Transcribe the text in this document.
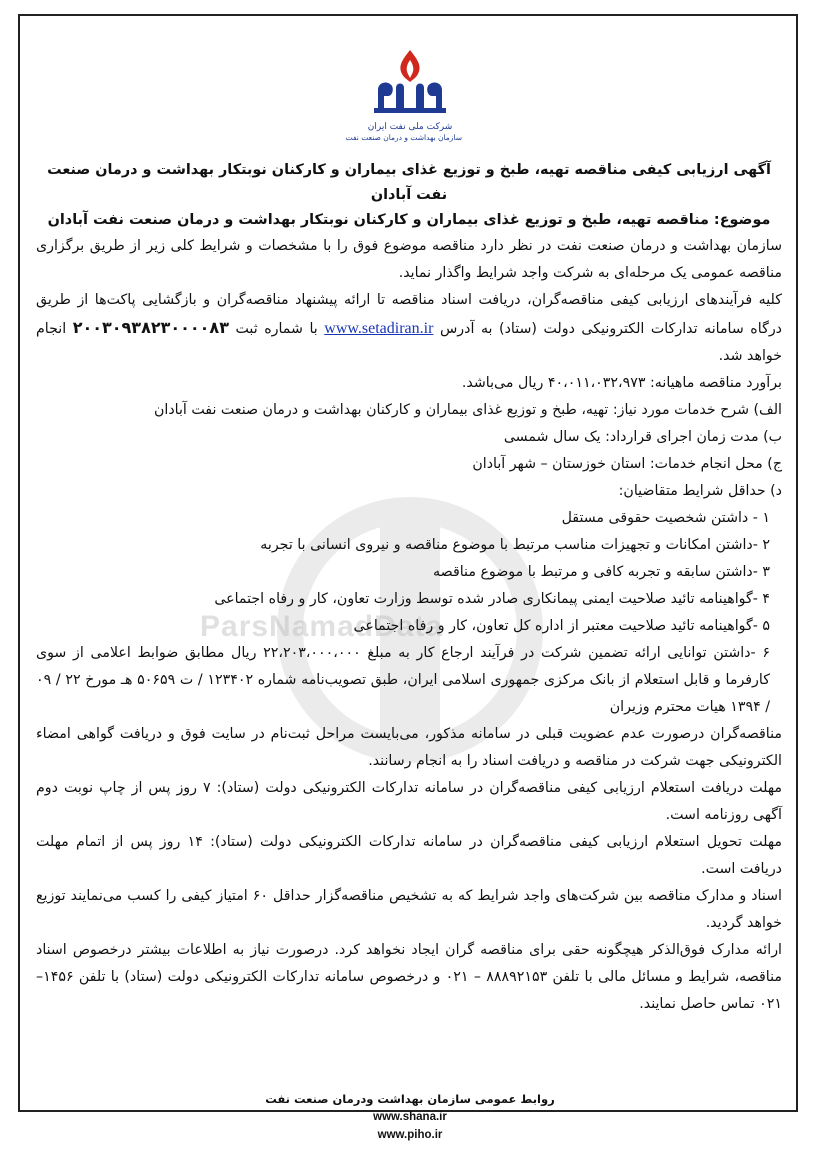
ParsNamadData
شرکت ملی نفت ایران
سازمان بهداشت و درمان صنعت نفت
آگهی ارزیابی کیفی مناقصه تهیه، طبخ و توزیع غذای بیماران و کارکنان نوبتکار بهداشت و درمان صنعت نفت آبادان
موضوع: مناقصه تهیه، طبخ و توزیع غذای بیماران و کارکنان نوبتکار بهداشت و درمان صنعت نفت آبادان

سازمان بهداشت و درمان صنعت نفت در نظر دارد مناقصه موضوع فوق را با مشخصات و شرایط کلی زیر از طریق برگزاری مناقصه عمومی یک مرحله‌ای به شرکت واجد شرایط واگذار نماید.

کلیه فرآیندهای ارزیابی کیفی مناقصه‌گران، دریافت اسناد مناقصه تا ارائه پیشنهاد مناقصه‌گران و بازگشایی پاکت‌ها از طریق درگاه سامانه تدارکات الکترونیکی دولت (ستاد) به آدرس www.setadiran.ir با شماره ثبت ۲۰۰۳۰۹۳۸۲۳۰۰۰۰۸۳ انجام خواهد شد.

برآورد مناقصه ماهیانه: ۴۰،۰۱۱،۰۳۲،۹۷۳ ریال می‌باشد.

الف) شرح خدمات مورد نیاز: تهیه، طبخ و توزیع غذای بیماران و کارکنان بهداشت و درمان صنعت نفت آبادان

ب) مدت زمان اجرای قرارداد: یک سال شمسی

ج) محل انجام خدمات: استان خوزستان – شهر آبادان

د) حداقل شرایط متقاضیان:

۱ - داشتن شخصیت حقوقی مستقل

۲ -داشتن امکانات و تجهیزات مناسب مرتبط با موضوع مناقصه و نیروی انسانی با تجربه

۳ -داشتن سابقه و تجربه کافی و مرتبط با موضوع مناقصه

۴ -گواهینامه تائید صلاحیت ایمنی پیمانکاری صادر شده توسط وزارت تعاون، کار و رفاه اجتماعی

۵ -گواهینامه تائید صلاحیت معتبر از اداره کل تعاون، کار و رفاه اجتماعی

۶ -داشتن توانایی ارائه تضمین شرکت در فرآیند ارجاع کار به مبلغ ۲۲،۲۰۳،۰۰۰،۰۰۰ ریال مطابق ضوابط اعلامی از سوی کارفرما و قابل استعلام از بانک مرکزی جمهوری اسلامی ایران، طبق تصویب‌نامه شماره ۱۲۳۴۰۲ / ت ۵۰۶۵۹ هـ مورخ ۲۲ / ۰۹ / ۱۳۹۴ هیات محترم وزیران

مناقصه‌گران درصورت عدم عضویت قبلی در سامانه مذکور، می‌بایست مراحل ثبت‌نام در سایت فوق و دریافت گواهی امضاء الکترونیکی جهت شرکت در مناقصه و دریافت اسناد را به انجام رسانند.

مهلت دریافت استعلام ارزیابی کیفی مناقصه‌گران در سامانه تدارکات الکترونیکی دولت (ستاد): ۷ روز پس از چاپ نوبت دوم آگهی روزنامه است.

مهلت تحویل استعلام ارزیابی کیفی مناقصه‌گران در سامانه تدارکات الکترونیکی دولت (ستاد): ۱۴ روز پس از اتمام مهلت دریافت است.

اسناد و مدارک مناقصه بین شرکت‌های واجد شرایط که به تشخیص مناقصه‌گزار حداقل ۶۰ امتیاز کیفی را کسب می‌نمایند توزیع خواهد گردید.

ارائه مدارک فوق‌الذکر هیچگونه حقی برای مناقصه گران ایجاد نخواهد کرد. درصورت نیاز به اطلاعات بیشتر درخصوص اسناد مناقصه، شرایط و مسائل مالی با تلفن ۸۸۸۹۲۱۵۳ – ۰۲۱ و درخصوص سامانه تدارکات الکترونیکی دولت (ستاد) با تلفن ۱۴۵۶– ۰۲۱ تماس حاصل نمایند.

روابط عمومی سازمان بهداشت ودرمان صنعت نفت
www.shana.ir
www.piho.ir
